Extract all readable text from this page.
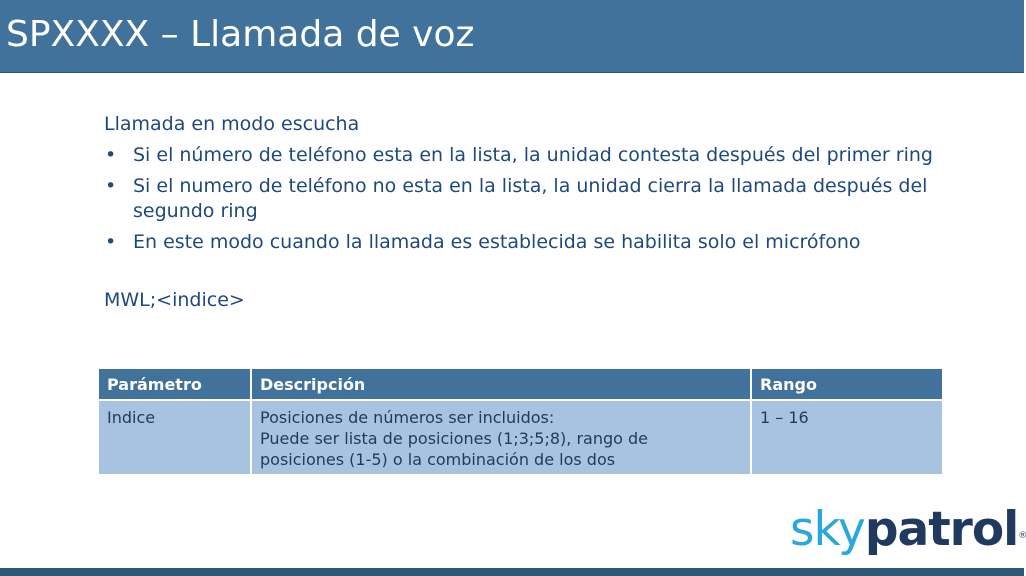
SPXXXX – Llamada de voz
Llamada en modo escucha
• Si el número de teléfono esta en la lista, la unidad contesta después del primer ring
• Si el numero de teléfono no esta en la lista, la unidad cierra la llamada después del segundo ring
• En este modo cuando la llamada es establecida se habilita solo el micrófono
MWL;<indice>
Parámetro	Descripción	Rango
Indice	Posiciones de números ser incluidos:
Puede ser lista de posiciones (1;3;5;8), rango de
posiciones (1-5) o la combinación de los dos	1 – 16
skypatrol®
